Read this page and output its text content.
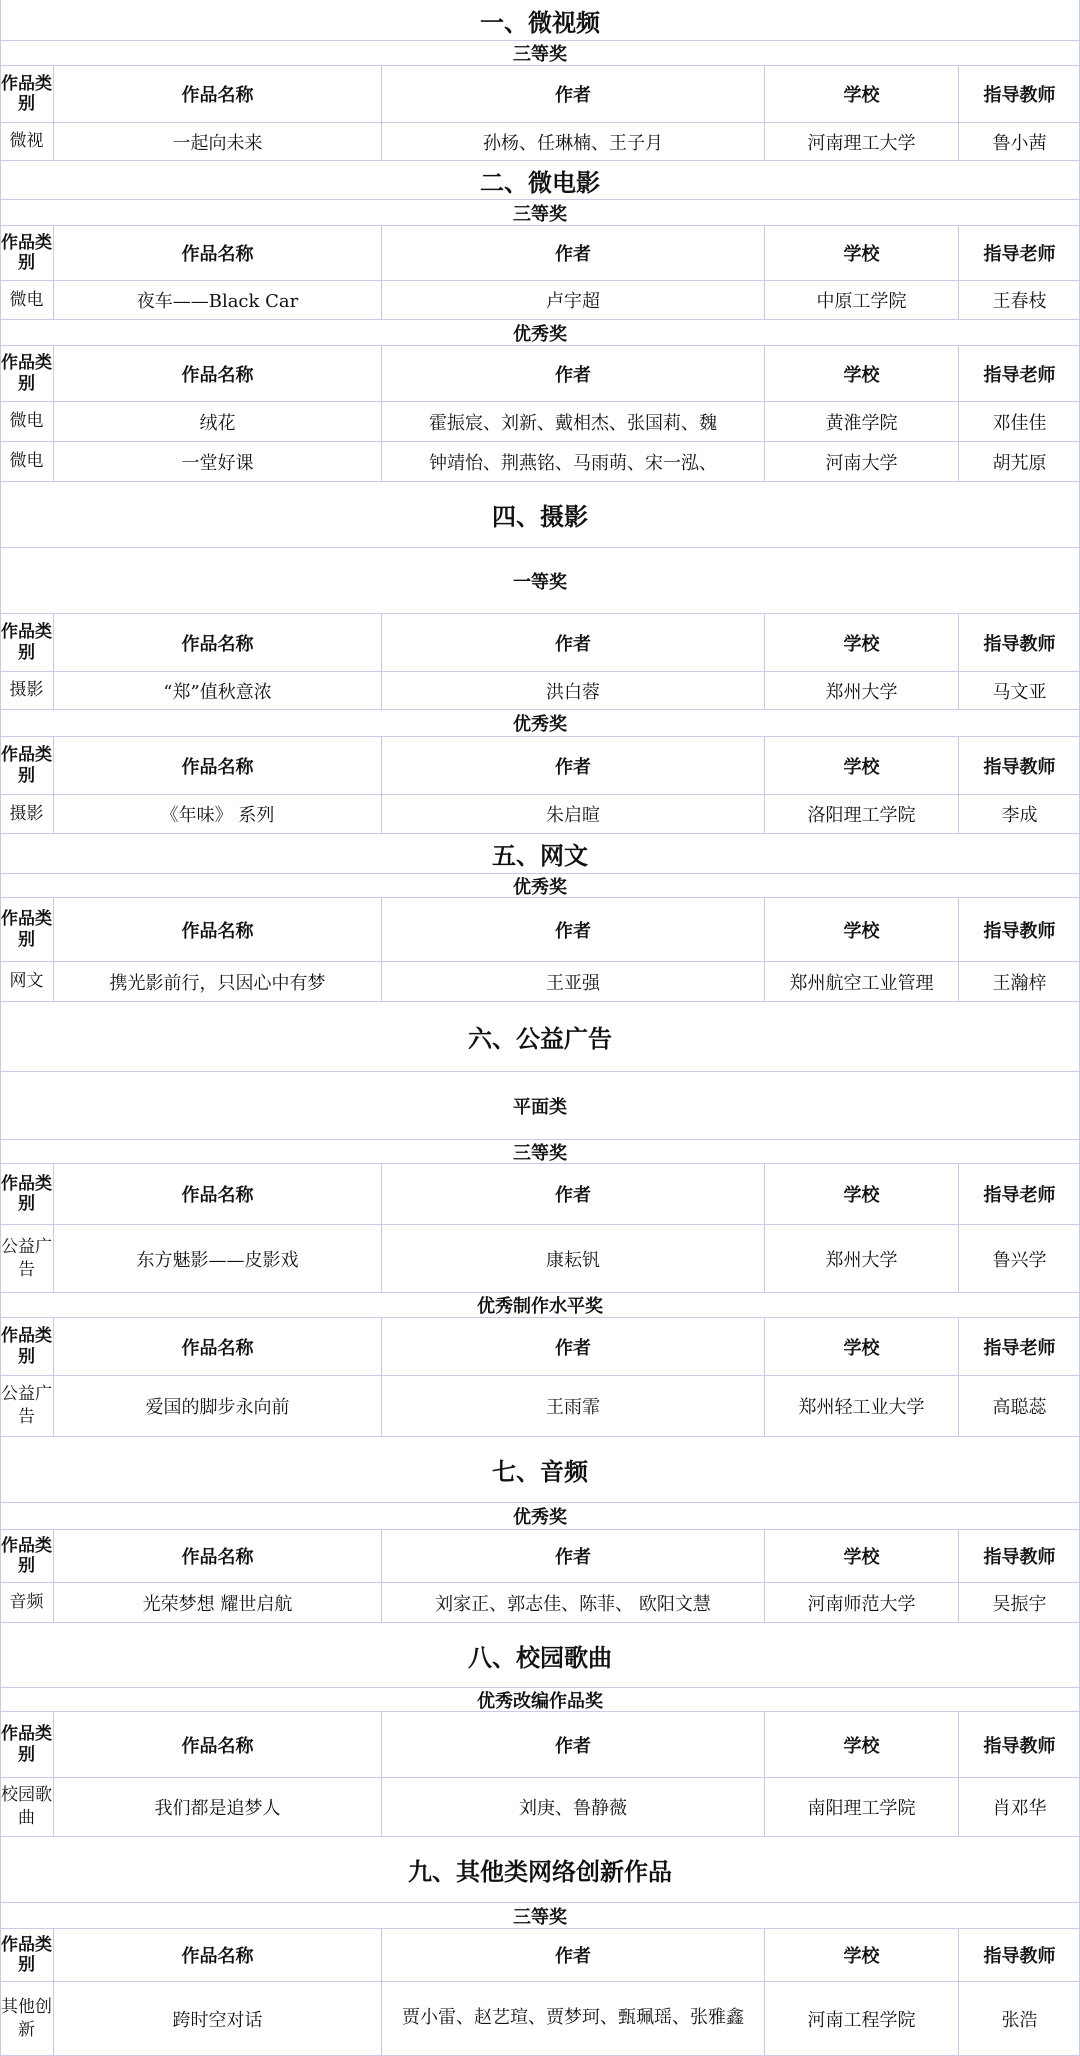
一、微视频
三等奖
作品类别	作品名称	作者	学校	指导教师
微视	一起向未来	孙杨、任琳楠、王子月	河南理工大学	鲁小茜
二、微电影
三等奖
作品类别	作品名称	作者	学校	指导老师
微电	夜车——Black Car	卢宇超	中原工学院	王春枝
优秀奖
作品类别	作品名称	作者	学校	指导老师
微电	绒花	霍振宸、刘新、戴相杰、张国莉、魏	黄淮学院	邓佳佳
微电	一堂好课	钟靖怡、荆燕铭、马雨萌、宋一泓、	河南大学	胡艽原
四、摄影
一等奖
作品类别	作品名称	作者	学校	指导教师
摄影	“郑”值秋意浓	洪白蓉	郑州大学	马文亚
优秀奖
作品类别	作品名称	作者	学校	指导教师
摄影	《年味》 系列	朱启暄	洛阳理工学院	李成
五、网文
优秀奖
作品类别	作品名称	作者	学校	指导教师
网文	携光影前行，只因心中有梦	王亚强	郑州航空工业管理	王瀚梓
六、公益广告
平面类
三等奖
作品类别	作品名称	作者	学校	指导老师
公益广告	东方魅影——皮影戏	康耘钒	郑州大学	鲁兴学
优秀制作水平奖
作品类别	作品名称	作者	学校	指导老师
公益广告	爱国的脚步永向前	王雨霏	郑州轻工业大学	高聪蕊
七、音频
优秀奖
作品类别	作品名称	作者	学校	指导教师
音频	光荣梦想 耀世启航	刘家正、郭志佳、陈菲、 欧阳文慧	河南师范大学	吴振宇
八、校园歌曲
优秀改编作品奖
作品类别	作品名称	作者	学校	指导教师
校园歌曲	我们都是追梦人	刘庚、鲁静薇	南阳理工学院	肖邓华
九、其他类网络创新作品
三等奖
作品类别	作品名称	作者	学校	指导教师
其他创新	跨时空对话	贾小雷、赵艺瑄、贾梦珂、甄珮瑶、张雅鑫	河南工程学院	张浩
